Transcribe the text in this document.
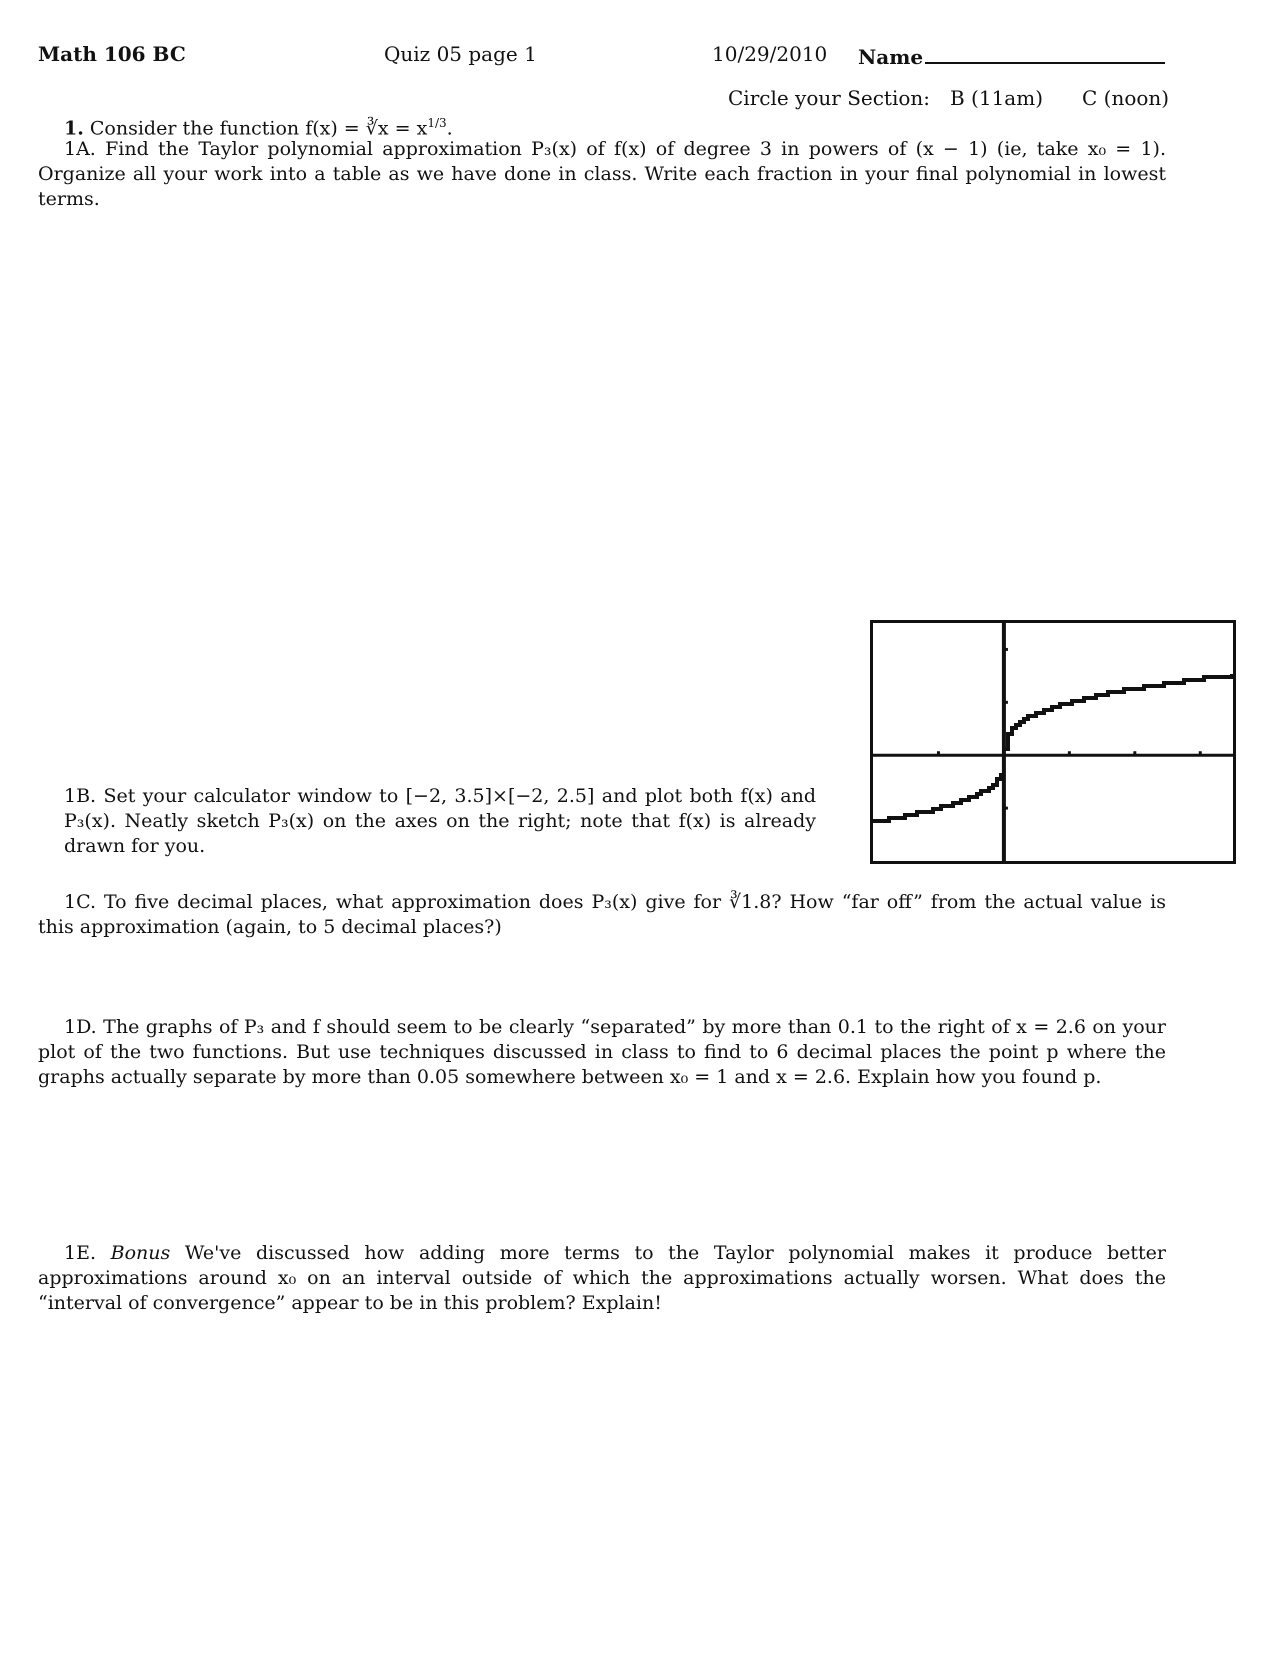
Math 106 BC	Quiz 05 page 1	10/29/2010 Name
Circle your Section: B (11am) C (noon)
1. Consider the function f(x) = ∛x = $x^{1/3}$.
1A. Find the Taylor polynomial approximation P₃(x) of f(x) of degree 3 in powers of (x − 1) (ie, take x₀ = 1). Organize all your work into a table as we have done in class. Write each fraction in your final polynomial in lowest terms.
1B. Set your calculator window to [−2, 3.5]×[−2, 2.5] and plot both f(x) and P₃(x). Neatly sketch P₃(x) on the axes on the right; note that f(x) is already drawn for you.
1C. To five decimal places, what approximation does P₃(x) give for ∛1.8? How “far off” from the actual value is this approximation (again, to 5 decimal places?)
1D. The graphs of P₃ and f should seem to be clearly “separated” by more than 0.1 to the right of x = 2.6 on your plot of the two functions. But use techniques discussed in class to find to 6 decimal places the point p where the graphs actually separate by more than 0.05 somewhere between x₀ = 1 and x = 2.6. Explain how you found p.
1E. Bonus We've discussed how adding more terms to the Taylor polynomial makes it produce better approximations around x₀ on an interval outside of which the approximations actually worsen. What does the “interval of convergence” appear to be in this problem? Explain!
